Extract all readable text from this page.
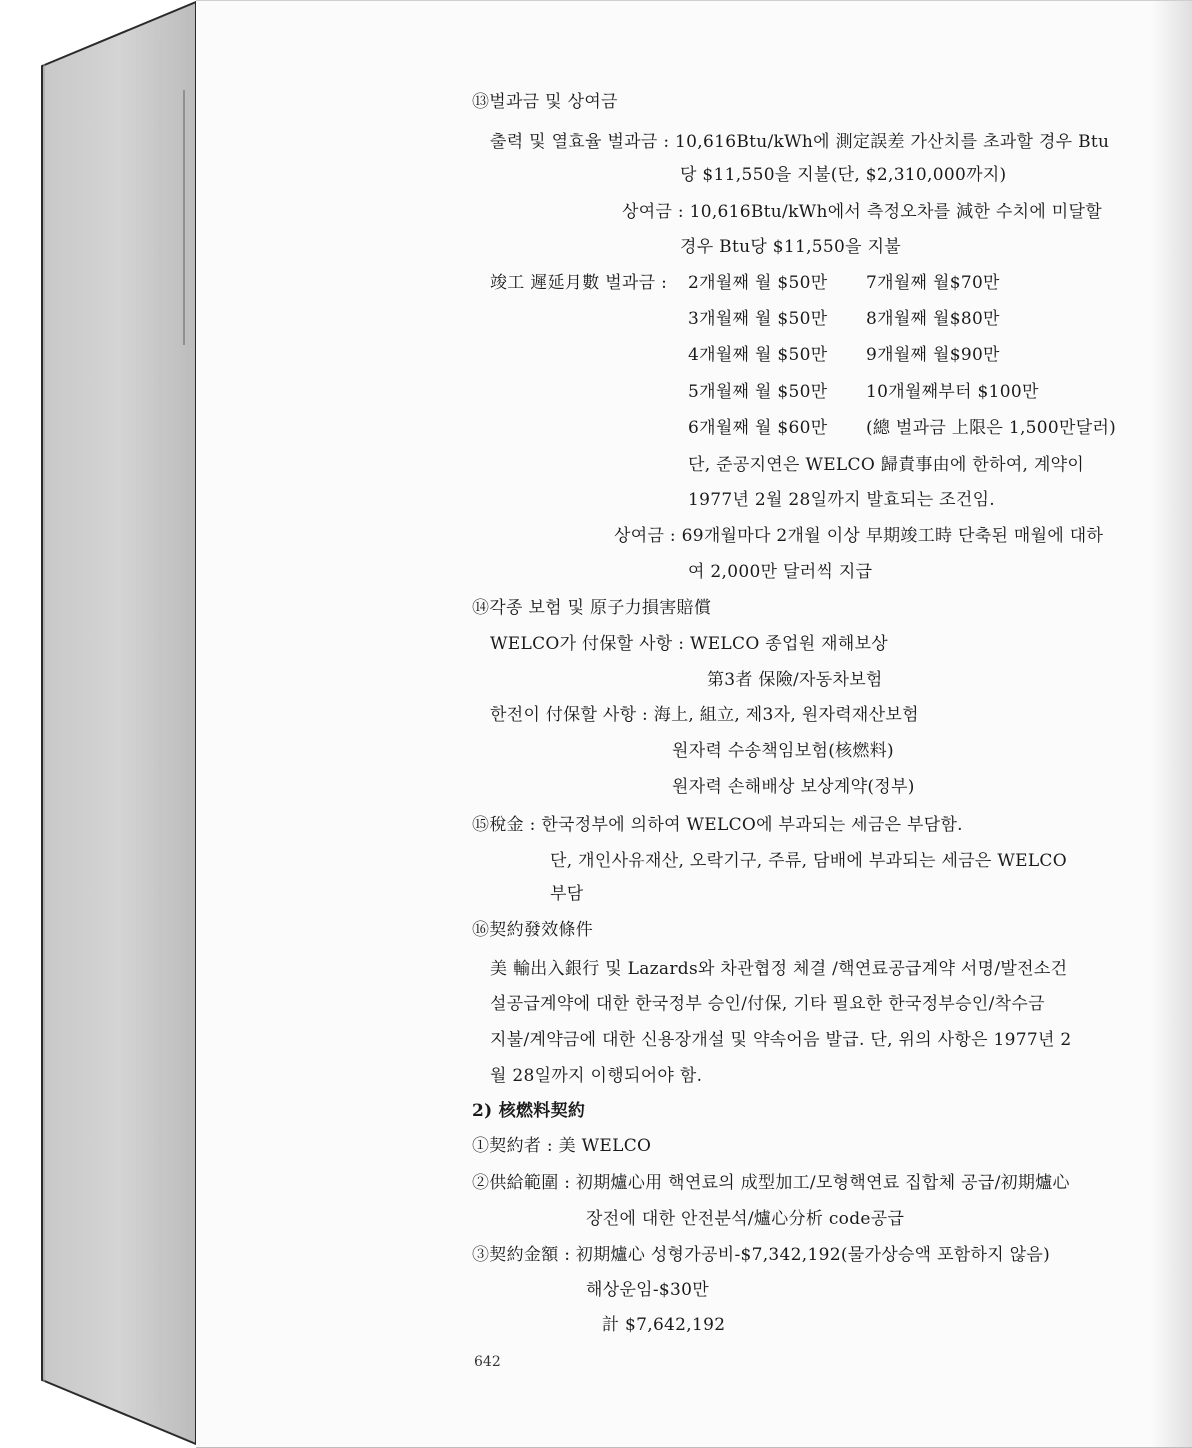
⑬벌과금 및 상여금
출력 및 열효율 벌과금 : 10,616Btu/kWh에 測定誤差 가산치를 초과할 경우 Btu
당 $11,550을 지불(단, $2,310,000까지)
상여금 : 10,616Btu/kWh에서 측정오차를 減한 수치에 미달할
경우 Btu당 $11,550을 지불
竣工 遲延月數 벌과금 : 2개월째 월 $50만 7개월째 월$70만
3개월째 월 $50만 8개월째 월$80만
4개월째 월 $50만 9개월째 월$90만
5개월째 월 $50만 10개월째부터 $100만
6개월째 월 $60만 (總 벌과금 上限은 1,500만달러)
단, 준공지연은 WELCO 歸責事由에 한하여, 계약이
1977년 2월 28일까지 발효되는 조건임.
상여금 : 69개월마다 2개월 이상 早期竣工時 단축된 매월에 대하
여 2,000만 달러씩 지급
⑭각종 보험 및 原子力損害賠償
WELCO가 付保할 사항 : WELCO 종업원 재해보상
第3者 保險/자동차보험
한전이 付保할 사항 : 海上, 組立, 제3자, 원자력재산보험
원자력 수송책임보험(核燃料)
원자력 손해배상 보상계약(정부)
⑮稅金 : 한국정부에 의하여 WELCO에 부과되는 세금은 부담함.
단, 개인사유재산, 오락기구, 주류, 담배에 부과되는 세금은 WELCO
부담
⑯契約發效條件
美 輸出入銀行 및 Lazards와 차관협정 체결 /핵연료공급계약 서명/발전소건
설공급계약에 대한 한국정부 승인/付保, 기타 필요한 한국정부승인/착수금
지불/계약금에 대한 신용장개설 및 약속어음 발급. 단, 위의 사항은 1977년 2
월 28일까지 이행되어야 함.
2) 核燃料契約
①契約者 : 美 WELCO
②供給範圍 : 初期爐心用 핵연료의 成型加工/모형핵연료 집합체 공급/初期爐心
장전에 대한 안전분석/爐心分析 code공급
③契約金額 : 初期爐心 성형가공비-$7,342,192(물가상승액 포함하지 않음)
해상운임-$30만
計 $7,642,192
642
